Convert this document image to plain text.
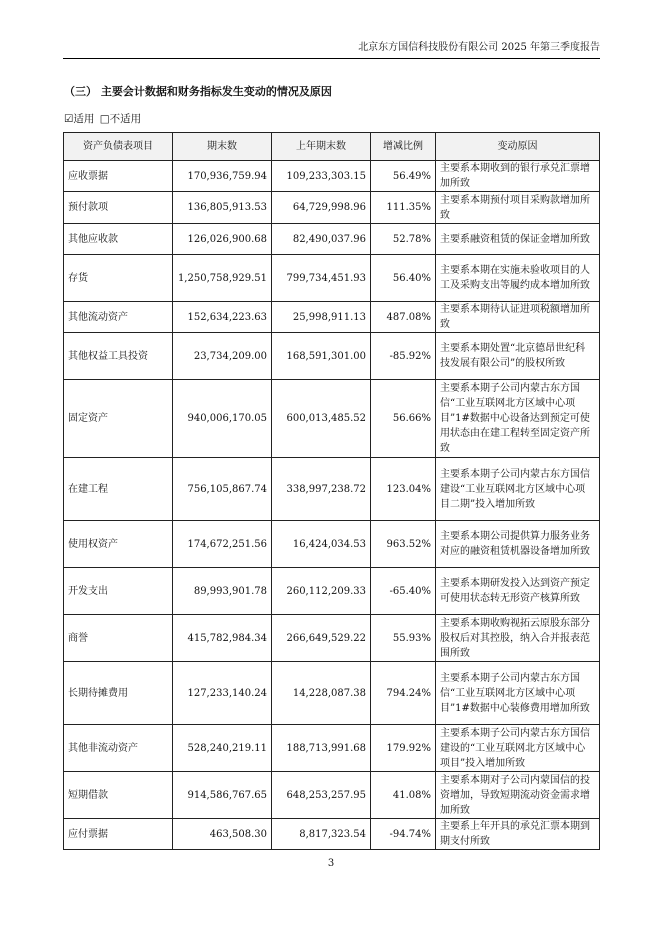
北京东方国信科技股份有限公司 2025 年第三季度报告
（三） 主要会计数据和财务指标发生变动的情况及原因
☑适用 □不适用
资产负债表项目	期末数	上年期末数	增减比例	变动原因
应收票据	170,936,759.94	109,233,303.15	56.49%	主要系本期收到的银行承兑汇票增加所致
预付款项	136,805,913.53	64,729,998.96	111.35%	主要系本期预付项目采购款增加所致
其他应收款	126,026,900.68	82,490,037.96	52.78%	主要系融资租赁的保证金增加所致
存货	1,250,758,929.51	799,734,451.93	56.40%	主要系本期在实施未验收项目的人工及采购支出等履约成本增加所致
其他流动资产	152,634,223.63	25,998,911.13	487.08%	主要系本期待认证进项税额增加所致
其他权益工具投资	23,734,209.00	168,591,301.00	-85.92%	主要系本期处置“北京德昂世纪科技发展有限公司”的股权所致
固定资产	940,006,170.05	600,013,485.52	56.66%	主要系本期子公司内蒙古东方国信“工业互联网北方区域中心项目”1#数据中心设备达到预定可使用状态由在建工程转至固定资产所致
在建工程	756,105,867.74	338,997,238.72	123.04%	主要系本期子公司内蒙古东方国信建设“工业互联网北方区域中心项目二期”投入增加所致
使用权资产	174,672,251.56	16,424,034.53	963.52%	主要系本期公司提供算力服务业务对应的融资租赁机器设备增加所致
开发支出	89,993,901.78	260,112,209.33	-65.40%	主要系本期研发投入达到资产预定可使用状态转无形资产核算所致
商誉	415,782,984.34	266,649,529.22	55.93%	主要系本期收购视拓云原股东部分股权后对其控股，纳入合并报表范围所致
长期待摊费用	127,233,140.24	14,228,087.38	794.24%	主要系本期子公司内蒙古东方国信“工业互联网北方区域中心项目”1#数据中心装修费用增加所致
其他非流动资产	528,240,219.11	188,713,991.68	179.92%	主要系本期子公司内蒙古东方国信建设的“工业互联网北方区域中心项目”投入增加所致
短期借款	914,586,767.65	648,253,257.95	41.08%	主要系本期对子公司内蒙国信的投资增加，导致短期流动资金需求增加所致
应付票据	463,508.30	8,817,323.54	-94.74%	主要系上年开具的承兑汇票本期到期支付所致
3
